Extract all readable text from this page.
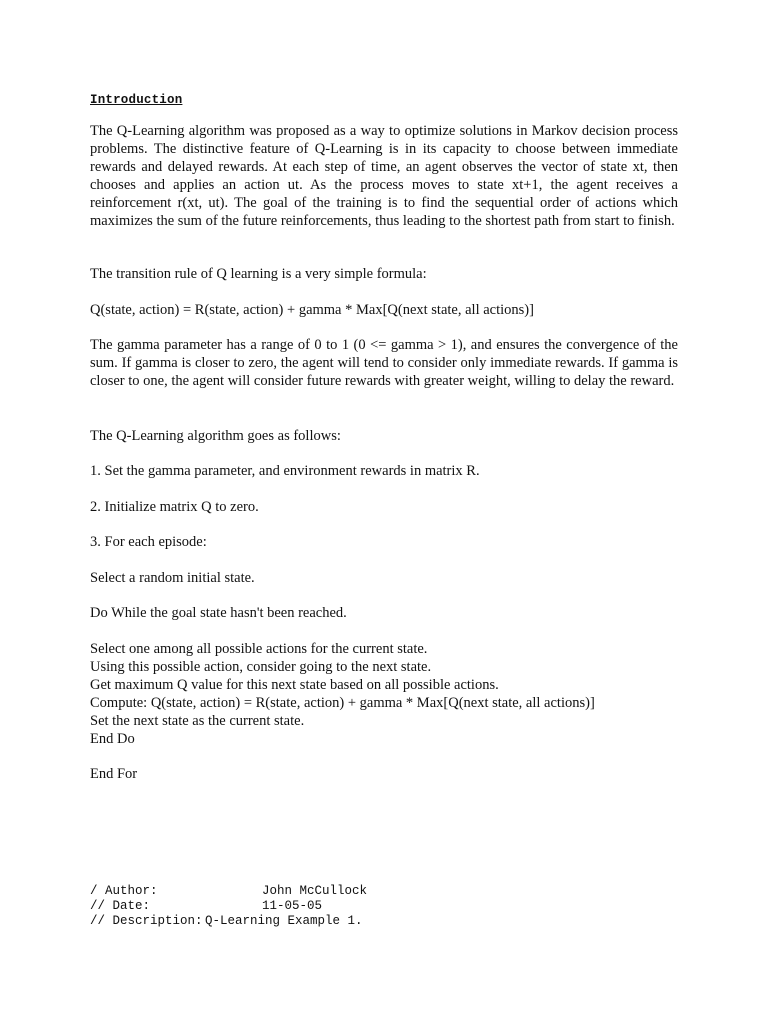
Introduction

The Q-Learning algorithm was proposed as a way to optimize solutions in Markov decision process problems. The distinctive feature of Q-Learning is in its capacity to choose between immediate rewards and delayed rewards. At each step of time, an agent observes the vector of state xt, then chooses and applies an action ut. As the process moves to state xt+1, the agent receives a reinforcement r(xt, ut). The goal of the training is to find the sequential order of actions which maximizes the sum of the future reinforcements, thus leading to the shortest path from start to finish.

The transition rule of Q learning is a very simple formula:

Q(state, action) = R(state, action) + gamma * Max[Q(next state, all actions)]

The gamma parameter has a range of 0 to 1 (0 <= gamma > 1), and ensures the convergence of the sum. If gamma is closer to zero, the agent will tend to consider only immediate rewards. If gamma is closer to one, the agent will consider future rewards with greater weight, willing to delay the reward.

The Q-Learning algorithm goes as follows:

1. Set the gamma parameter, and environment rewards in matrix R.

2. Initialize matrix Q to zero.

3. For each episode:

Select a random initial state.

Do While the goal state hasn't been reached.

Select one among all possible actions for the current state.
Using this possible action, consider going to the next state.
Get maximum Q value for this next state based on all possible actions.
Compute: Q(state, action) = R(state, action) + gamma * Max[Q(next state, all actions)]
Set the next state as the current state.
End Do

End For

/ Author:	John McCullock
// Date:	11-05-05
// Description: Q-Learning Example 1.
